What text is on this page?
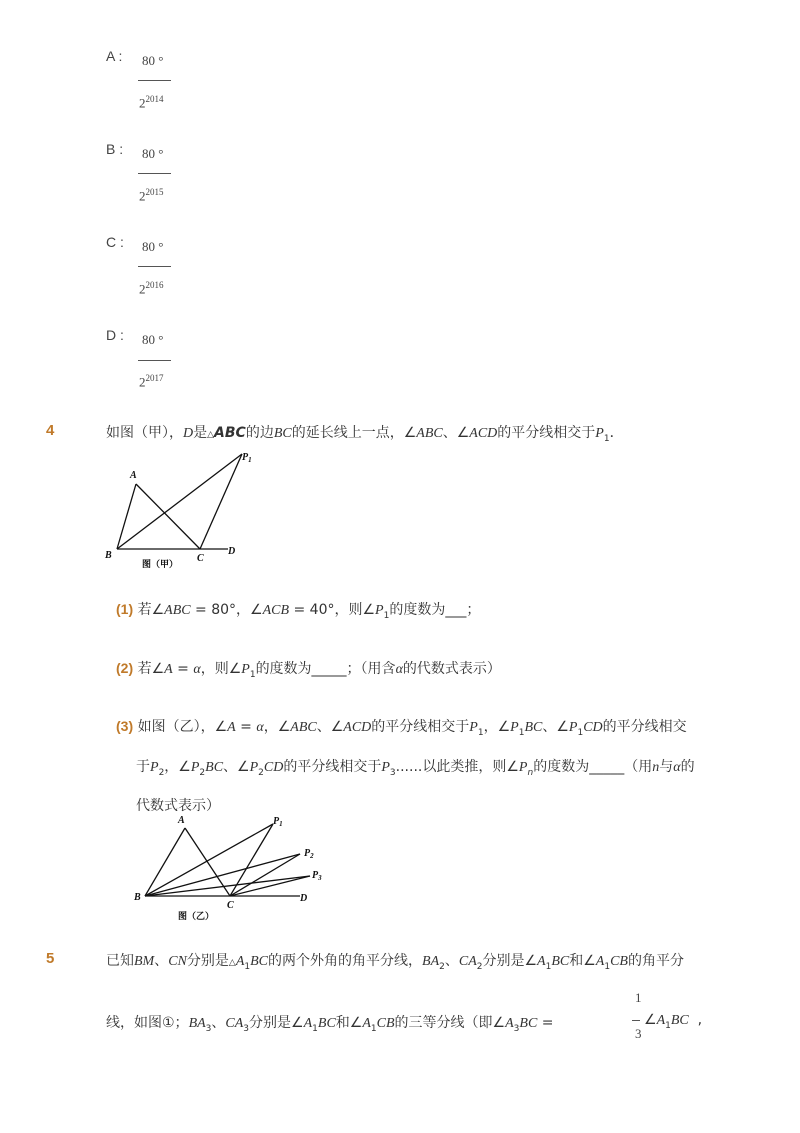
A : 80 °
$2^{2014}$
B : 80 °
$2^{2015}$
C : 80 °
$2^{2016}$
D : 80 °
$2^{2017}$
4	如图（甲），D是△ABC的边BC的延长线上一点，∠ABC、∠ACD的平分线相交于$P_1$．
A
B	C
D
$P_1$
图（甲）
(1) 若∠ABC = 80°，∠ACB = 40°，则$\angle P_1$的度数为___；
(2) 若∠A = α，则$\angle P_1$的度数为_____；（用含α的代数式表示）
(3) 如图（乙），∠A = α，∠ABC、∠ACD的平分线相交于$P_1$，$\angle P_1BC$、$\angle P_1CD$的平分线相交
于$P_2$，$\angle P_2BC$、$\angle P_2CD$的平分线相交于$P_3$......以此类推，则$\angle P_n$的度数为_____（用n与α的
代数式表示）
A
B
C
D
$P_1$
$P_2$
$P_3$
图（乙）
5	已知BM、CN分别是$\triangle A_1BC$的两个外角的角平分线，$BA_2$、$CA_2$分别是$\angle A_1BC$和$\angle A_1CB$的角平分
线，如图①；$BA_3$、$CA_3$分别是$\angle A_1BC$和$\angle A_1CB$的三等分线（即$\angle A_3BC$ =
1
3
$\angle A_1BC$  ,
